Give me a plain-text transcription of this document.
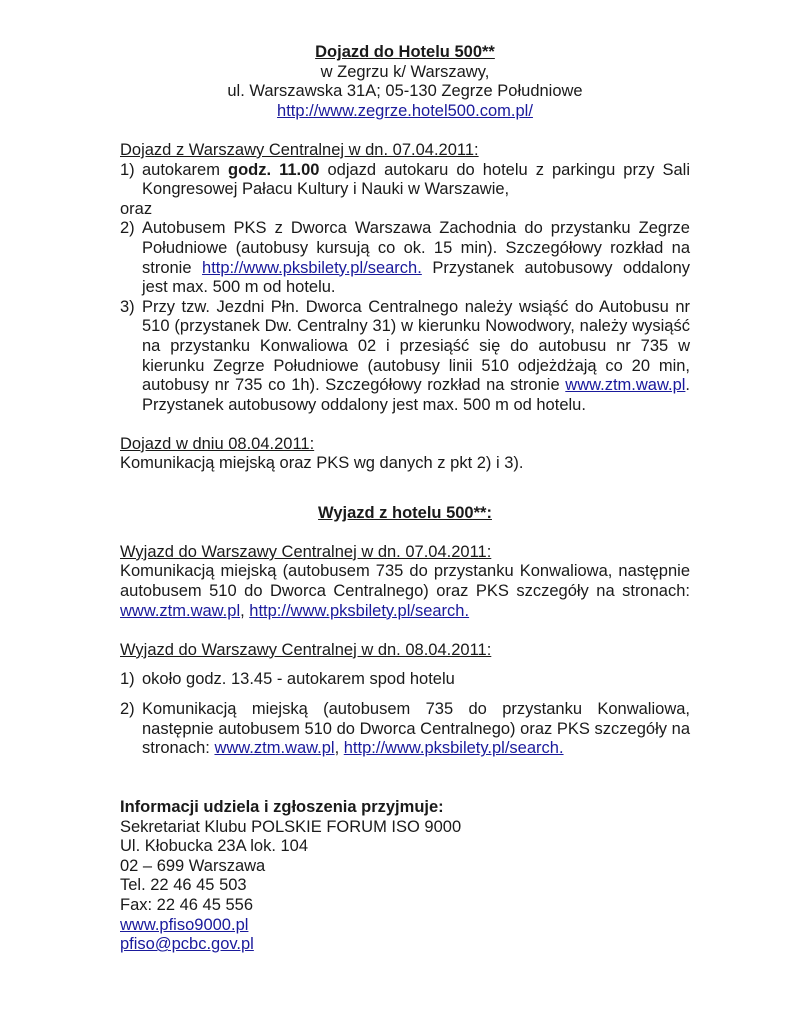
Dojazd do Hotelu 500**
w Zegrzu k/ Warszawy,
ul. Warszawska 31A; 05-130 Zegrze Południowe
http://www.zegrze.hotel500.com.pl/
Dojazd z Warszawy Centralnej w dn. 07.04.2011:
1) autokarem godz. 11.00 odjazd autokaru do hotelu z parkingu przy Sali Kongresowej Pałacu Kultury i Nauki w Warszawie,
oraz
2) Autobusem PKS z Dworca Warszawa Zachodnia do przystanku Zegrze Południowe (autobusy kursują co ok. 15 min). Szczegółowy rozkład na stronie http://www.pksbilety.pl/search. Przystanek autobusowy oddalony jest max. 500 m od hotelu.
3) Przy tzw. Jezdni Płn. Dworca Centralnego należy wsiąść do Autobusu nr 510 (przystanek Dw. Centralny 31) w kierunku Nowodwory, należy wysiąść na przystanku Konwaliowa 02 i przesiąść się do autobusu nr 735 w kierunku Zegrze Południowe (autobusy linii 510 odjeżdżają co 20 min, autobusy nr 735 co 1h). Szczegółowy rozkład na stronie www.ztm.waw.pl. Przystanek autobusowy oddalony jest max. 500 m od hotelu.
Dojazd w dniu 08.04.2011:
Komunikacją miejską oraz PKS wg danych z pkt 2) i 3).
Wyjazd z hotelu 500**:
Wyjazd do Warszawy Centralnej w dn. 07.04.2011:
Komunikacją miejską (autobusem 735 do przystanku Konwaliowa, następnie autobusem 510 do Dworca Centralnego) oraz PKS szczegóły na stronach: www.ztm.waw.pl, http://www.pksbilety.pl/search.
Wyjazd do Warszawy Centralnej w dn. 08.04.2011:
1) około godz. 13.45 - autokarem spod hotelu
2) Komunikacją miejską (autobusem 735 do przystanku Konwaliowa, następnie autobusem 510 do Dworca Centralnego) oraz PKS szczegóły na stronach: www.ztm.waw.pl, http://www.pksbilety.pl/search.
Informacji udziela i zgłoszenia przyjmuje:
Sekretariat Klubu POLSKIE FORUM ISO 9000
Ul. Kłobucka 23A lok. 104
02 – 699 Warszawa
Tel. 22 46 45 503
Fax: 22 46 45 556
www.pfiso9000.pl
pfiso@pcbc.gov.pl
